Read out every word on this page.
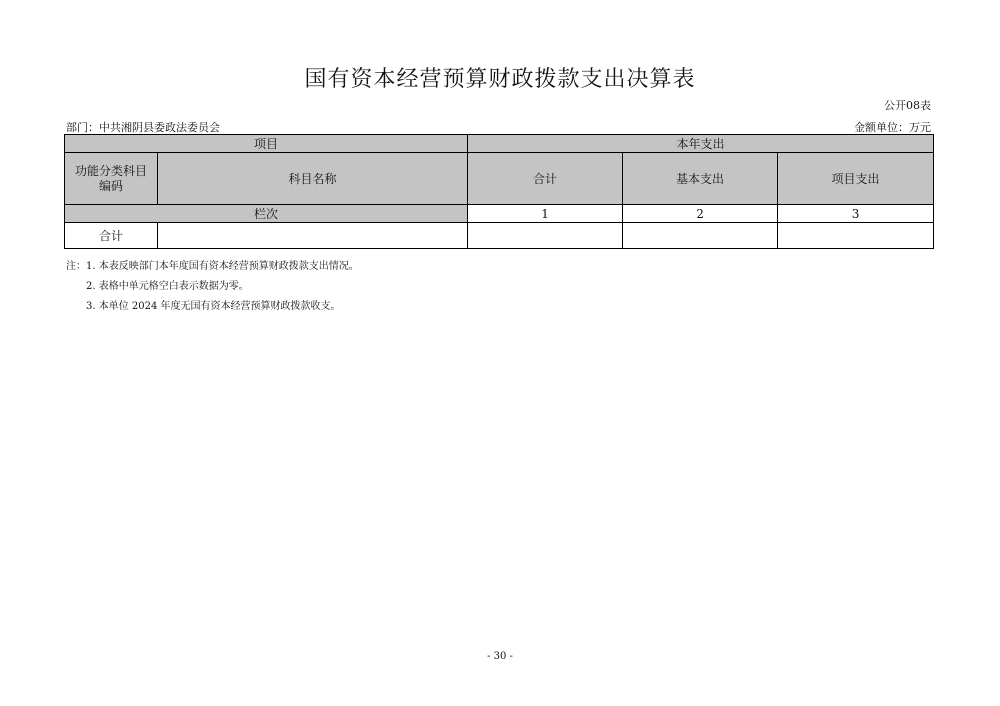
国有资本经营预算财政拨款支出决算表
公开08表
部门：中共湘阴县委政法委员会	金额单位：万元
项目		本年支出		

功能分类科目
编码	科目名称	合计	基本支出	项目支出
栏次		1	2	3
合计				
注：1. 本表反映部门本年度国有资本经营预算财政拨款支出情况。
2. 表格中单元格空白表示数据为零。
3. 本单位 2024 年度无国有资本经营预算财政拨款收支。
- 30 -
